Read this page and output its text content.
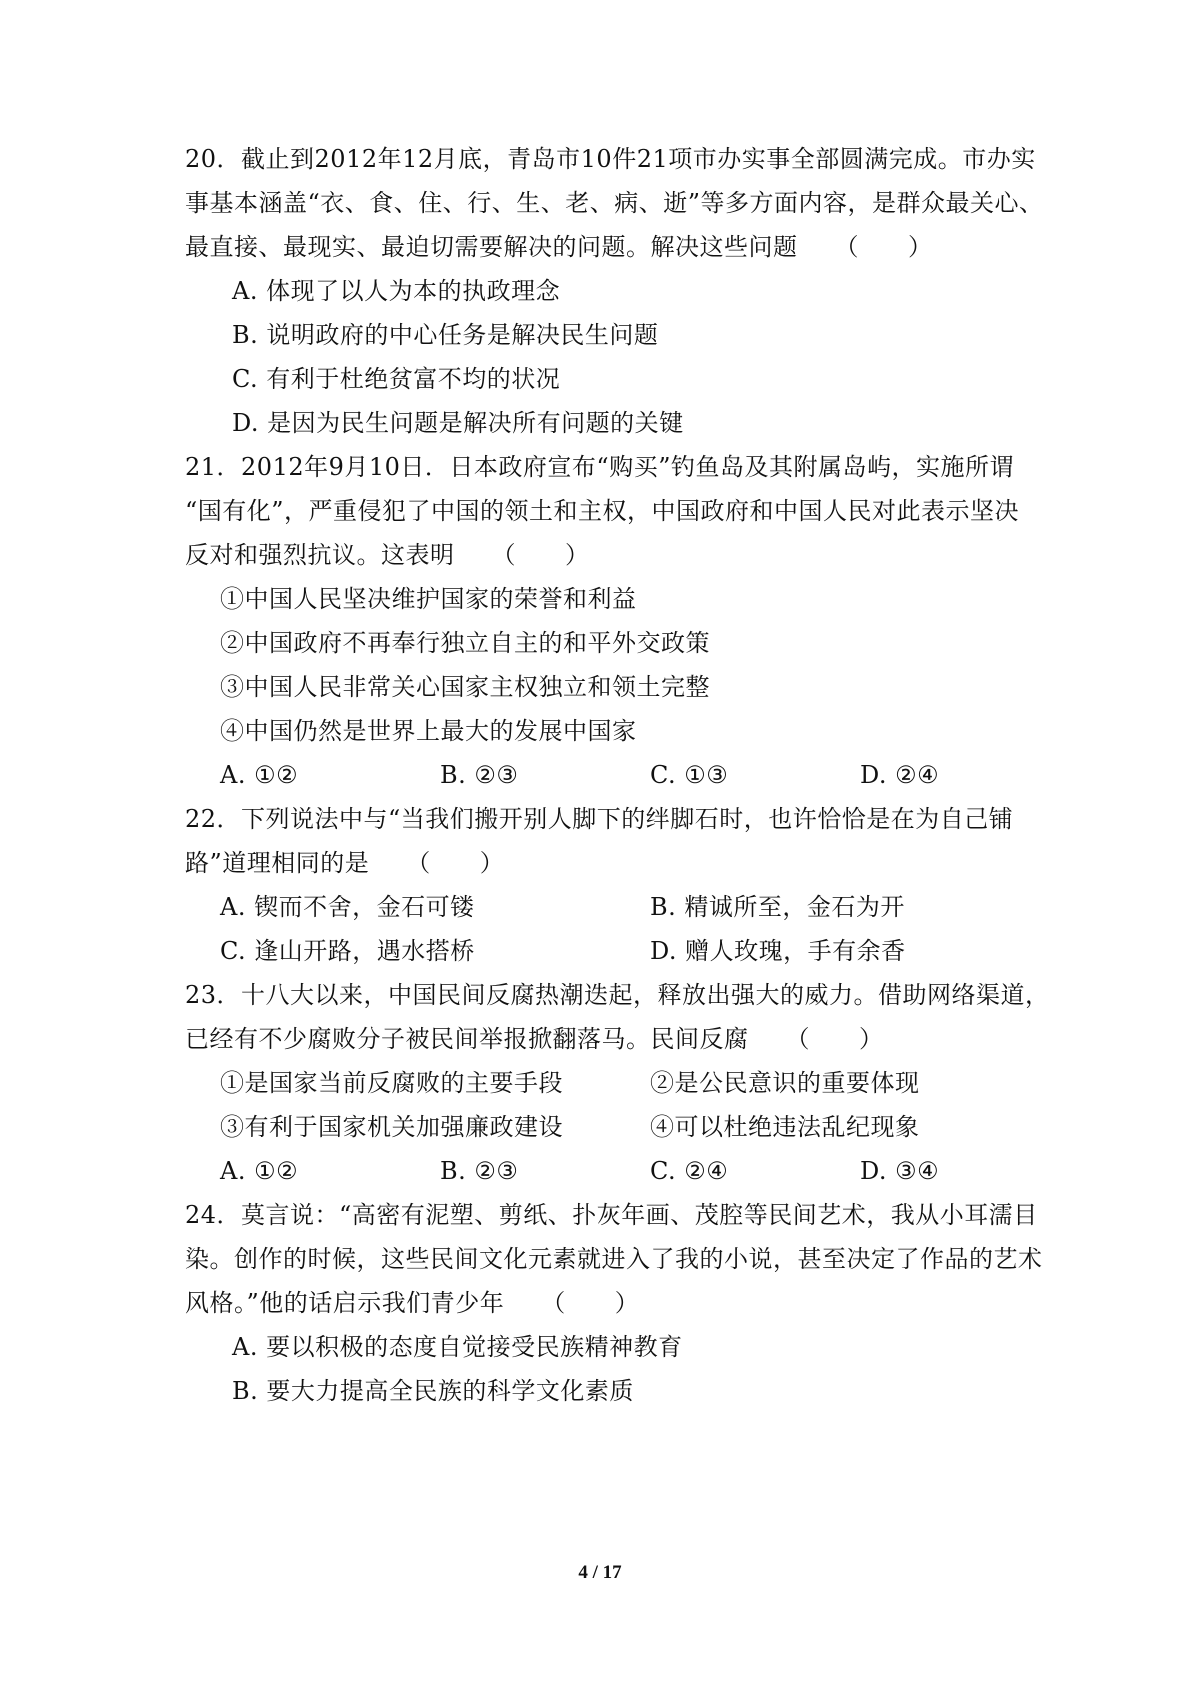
20．截止到2012年12月底，青岛市10件21项市办实事全部圆满完成。市办实
事基本涵盖“衣、食、住、行、生、老、病、逝”等多方面内容，是群众最关心、
最直接、最现实、最迫切需要解决的问题。解决这些问题　　（　　）
A. 体现了以人为本的执政理念
B. 说明政府的中心任务是解决民生问题
C. 有利于杜绝贫富不均的状况
D. 是因为民生问题是解决所有问题的关键
21．2012年9月10日．日本政府宣布“购买”钓鱼岛及其附属岛屿，实施所谓
“国有化”，严重侵犯了中国的领土和主权，中国政府和中国人民对此表示坚决
反对和强烈抗议。这表明　　（　　）
①中国人民坚决维护国家的荣誉和利益
②中国政府不再奉行独立自主的和平外交政策
③中国人民非常关心国家主权独立和领土完整
④中国仍然是世界上最大的发展中国家
A. ①②	B. ②③	C. ①③	D. ②④
22．下列说法中与“当我们搬开别人脚下的绊脚石时，也许恰恰是在为自己铺
路”道理相同的是　　（　　）
A. 锲而不舍，金石可镂	B. 精诚所至，金石为开
C. 逢山开路，遇水搭桥	D. 赠人玫瑰，手有余香
23．十八大以来，中国民间反腐热潮迭起，释放出强大的威力。借助网络渠道，
已经有不少腐败分子被民间举报掀翻落马。民间反腐　　（　　）
①是国家当前反腐败的主要手段	②是公民意识的重要体现
③有利于国家机关加强廉政建设	④可以杜绝违法乱纪现象
A. ①②	B. ②③	C. ②④	D. ③④
24．莫言说：“高密有泥塑、剪纸、扑灰年画、茂腔等民间艺术，我从小耳濡目
染。创作的时候，这些民间文化元素就进入了我的小说，甚至决定了作品的艺术
风格。”他的话启示我们青少年　　（　　）
A. 要以积极的态度自觉接受民族精神教育
B. 要大力提高全民族的科学文化素质
4 / 17
